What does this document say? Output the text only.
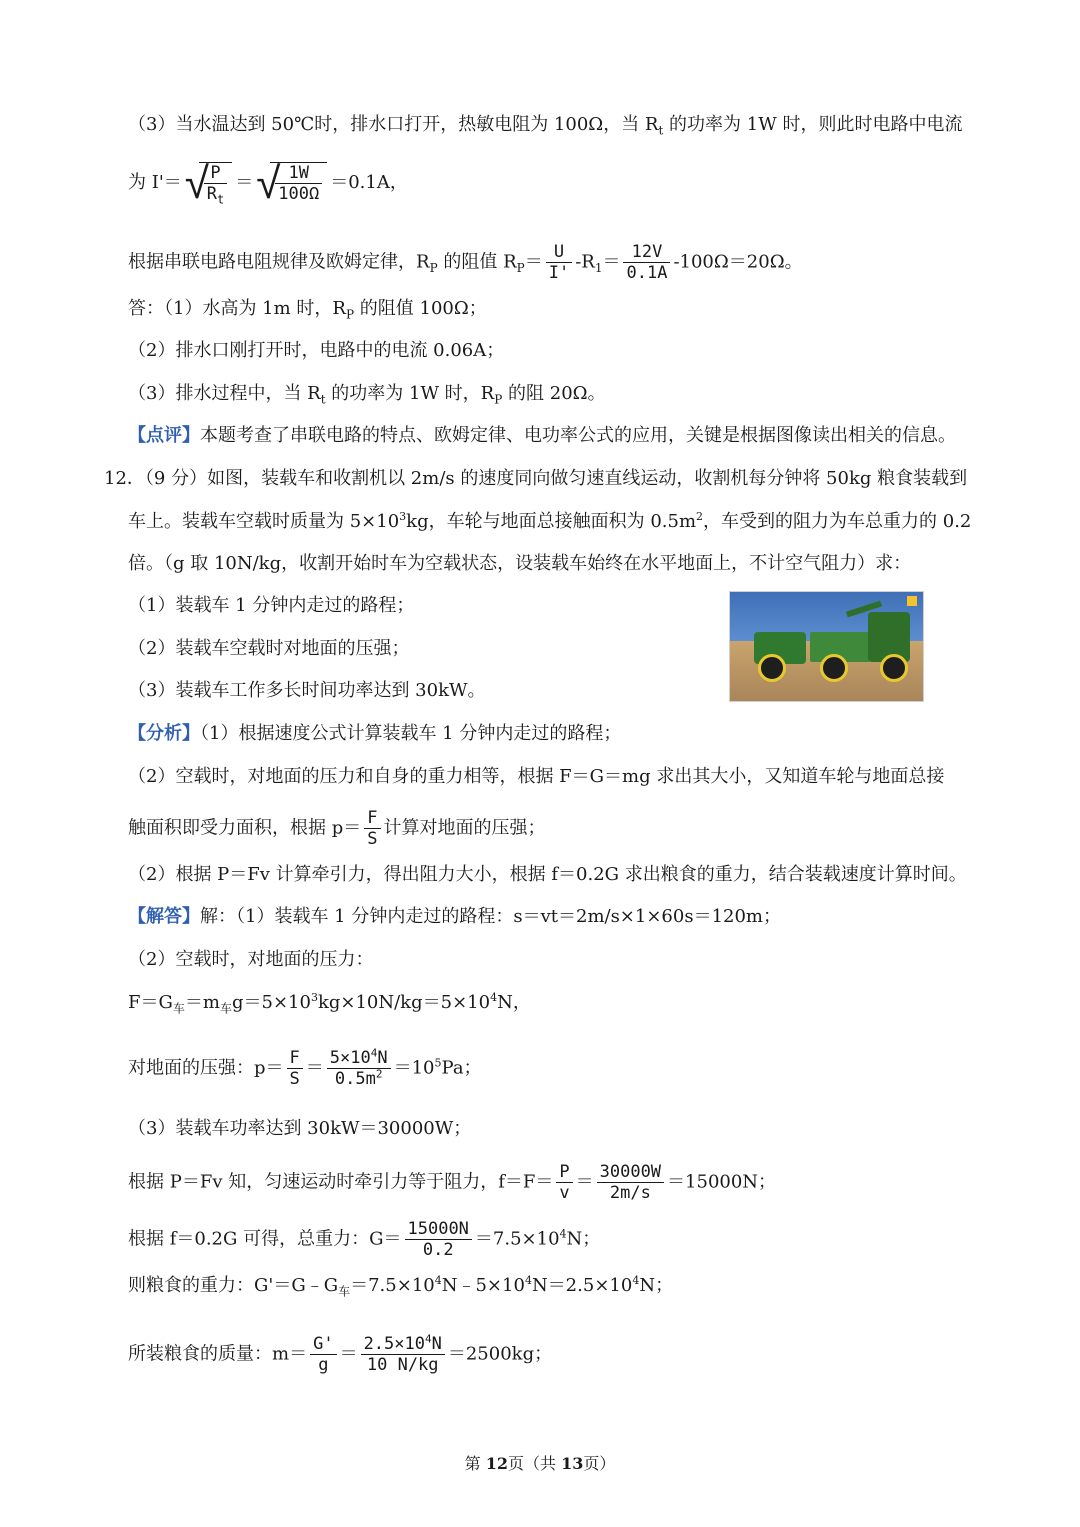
（3）当水温达到 50℃时，排水口打开，热敏电阻为 100Ω，当 $R_t$ 的功率为 1W 时，则此时电路中电流
为 I'＝ √
$\frac{P}{R_t}$ ＝ √
$\frac{1W}{100\Omega} =0.1A$，
根据串联电路电阻规律及欧姆定律，$R_P$ 的阻值 $R_P= \frac{U}{I'} -R_1= \frac{12V}{0.1A} -100\Omega=20\Omega$。
答：（1）水高为 1m 时，$R_P$ 的阻值 100Ω；
（2）排水口刚打开时，电路中的电流 0.06A；
（3）排水过程中，当 $R_t$ 的功率为 1W 时，$R_P$ 的阻 20Ω。
【点评】本题考查了串联电路的特点、欧姆定律、电功率公式的应用，关键是根据图像读出相关的信息。
12．（9 分）如图，装载车和收割机以 2m/s 的速度同向做匀速直线运动，收割机每分钟将 50kg 粮食装载到
车上。装载车空载时质量为 $5\times 10^3kg$，车轮与地面总接触面积为 $0.5m^2$，车受到的阻力为车总重力的 0.2
倍。（g 取 10N/kg，收割开始时车为空载状态，设装载车始终在水平地面上，不计空气阻力）求：
（1）装载车 1 分钟内走过的路程；
（2）装载车空载时对地面的压强；
（3）装载车工作多长时间功率达到 30kW。
【分析】（1）根据速度公式计算装载车 1 分钟内走过的路程；
（2）空载时，对地面的压力和自身的重力相等，根据 F＝G＝mg 求出其大小，又知道车轮与地面总接
触面积即受力面积，根据 $p= \frac{F}{S}$ 计算对地面的压强；
（2）根据 P＝Fv 计算牵引力，得出阻力大小，根据 f＝0.2G 求出粮食的重力，结合装载速度计算时间。
【解答】解：（1）装载车 1 分钟内走过的路程：s＝vt＝2m/s×1×60s＝120m；
（2）空载时，对地面的压力：
$F=G_车=m_车g=5\times 10^3kg\times 10N/kg=5\times 10^4N$，
对地面的压强：$p= \frac{F}{S} = \frac{5\times 10^4N}{0.5m^2} =10^5Pa$；
（3）装载车功率达到 30kW＝30000W；
根据 P＝Fv 知，匀速运动时牵引力等于阻力，$f=F= \frac{P}{v} = \frac{30000W}{2m/s} =15000N$；
根据 f＝0.2G 可得，总重力：$G= \frac{15000N}{0.2} =7.5\times 10^4N$；
则粮食的重力：$G'=G﹣G_车=7.5\times 10^4N﹣5\times 10^4N=2.5\times 10^4N$；
所装粮食的质量：$m= \frac{G'}{g} = \frac{2.5\times 10^4N}{10 N/kg} =2500kg$；
第 12页（共 13页）
